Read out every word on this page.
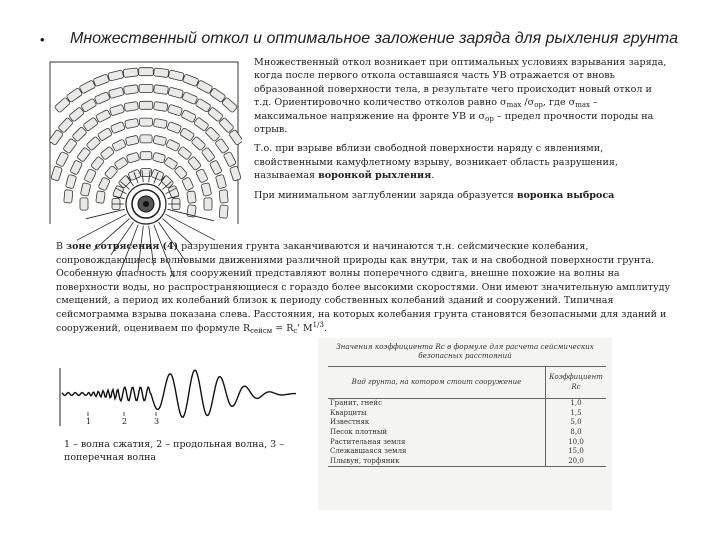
• Множественный откол и оптимальное заложение заряда для рыхления грунта

Множественный откол возникает при оптимальных условиях взрывания заряда, когда после первого откола оставшаяся часть УВ отражается от вновь образованной поверхности тела, в результате чего происходит новый откол и т.д. Ориентировочно количество отколов равно $\sigma_{max}$ $/\sigma_{ор}$, где $\sigma_{max}$ – максимальное напряжение на фронте УВ и $\sigma_{ор}$ – предел прочности породы на отрыв.

Т.о. при взрыве вблизи свободной поверхности наряду с явлениями, свойственными камуфлетному взрыву, возникает область разрушения, называемая воронкой рыхления.

При минимальном заглублении заряда образуется воронка выброса

В зоне сотрясения (4) разрушения грунта заканчиваются и начинаются т.н. сейсмические колебания, сопровождающиеся волновыми движениями различной природы как внутри, так и на свободной поверхности грунта. Особенную опасность для сооружений представляют волны поперечного сдвига, внешне похожие на волны на поверхности воды, но распространяющиеся с гораздо более высокими скоростями. Они имеют значительную амплитуду смещений, а период их колебаний близок к периоду собственных колебаний зданий и сооружений. Типичная сейсмограмма взрыва показана слева. Расстояния, на которых колебания грунта становятся безопасными для зданий и сооружений, оцениваем по формуле $R_{сейсм} = R_с'$ $M^{1/3}$.
1	2	3
1 – волна сжатия, 2 – продольная волна, 3 – поперечная волна
Значения коэффициента Rc в формуле для расчета сейсмических безопасных расстояний
Вид грунта, на котором стоит сооружение	Коэффициент Rc
Гранит, гнейс	1,0
Кварциты	1,5
Известняк	5,0
Песок плотный	8,0
Растительная земля	10,0
Слежавшаяся земля	15,0
Плывун, торфяник	20,0
